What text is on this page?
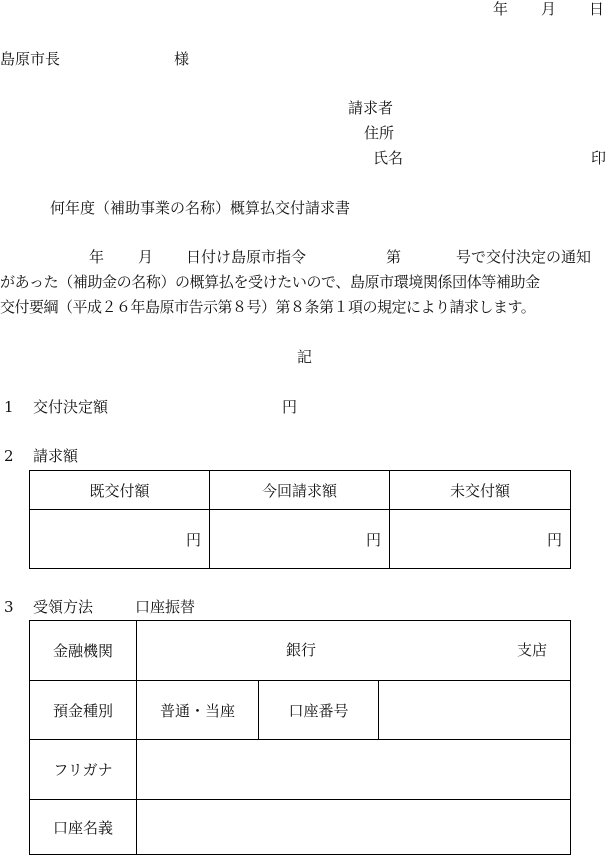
年 月 日
島原市長	様
請求者
住所
氏名	印
何年度（補助事業の名称）概算払交付請求書
年 月 日付け島原市指令	第	号で交付決定の通知
があった（補助金の名称）の概算払を受けたいので、島原市環境関係団体等補助金
交付要綱（平成２６年島原市告示第８号）第８条第１項の規定により請求します。
記
1 交付決定額	円
2 請求額
既交付額	今回請求額	未交付額
円	円	円
3 受領方法	口座振替
金融機関	銀行 支店		

預金種別	普通・当座	口座番号	
フリガナ			
口座名義			
